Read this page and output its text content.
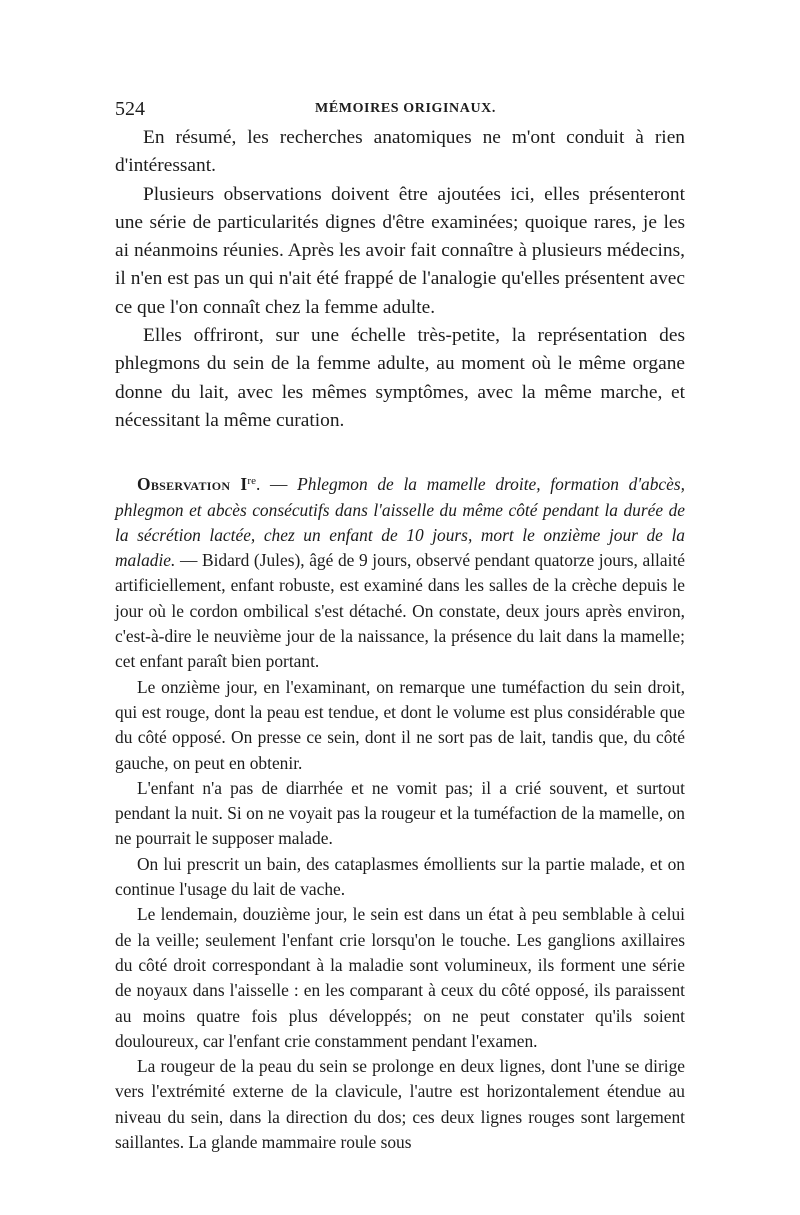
524	MÉMOIRES ORIGINAUX.

En résumé, les recherches anatomiques ne m'ont conduit à rien d'intéressant.

Plusieurs observations doivent être ajoutées ici, elles présenteront une série de particularités dignes d'être examinées; quoique rares, je les ai néanmoins réunies. Après les avoir fait connaître à plusieurs médecins, il n'en est pas un qui n'ait été frappé de l'analogie qu'elles présentent avec ce que l'on connaît chez la femme adulte.

Elles offriront, sur une échelle très-petite, la représentation des phlegmons du sein de la femme adulte, au moment où le même organe donne du lait, avec les mêmes symptômes, avec la même marche, et nécessitant la même curation.

Observation Ire. — Phlegmon de la mamelle droite, formation d'abcès, phlegmon et abcès consécutifs dans l'aisselle du même côté pendant la durée de la sécrétion lactée, chez un enfant de 10 jours, mort le onzième jour de la maladie. — Bidard (Jules), âgé de 9 jours, observé pendant quatorze jours, allaité artificiellement, enfant robuste, est examiné dans les salles de la crèche depuis le jour où le cordon ombilical s'est détaché. On constate, deux jours après environ, c'est-à-dire le neuvième jour de la naissance, la présence du lait dans la mamelle; cet enfant paraît bien portant.

Le onzième jour, en l'examinant, on remarque une tuméfaction du sein droit, qui est rouge, dont la peau est tendue, et dont le volume est plus considérable que du côté opposé. On presse ce sein, dont il ne sort pas de lait, tandis que, du côté gauche, on peut en obtenir.

L'enfant n'a pas de diarrhée et ne vomit pas; il a crié souvent, et surtout pendant la nuit. Si on ne voyait pas la rougeur et la tuméfaction de la mamelle, on ne pourrait le supposer malade.

On lui prescrit un bain, des cataplasmes émollients sur la partie malade, et on continue l'usage du lait de vache.

Le lendemain, douzième jour, le sein est dans un état à peu semblable à celui de la veille; seulement l'enfant crie lorsqu'on le touche. Les ganglions axillaires du côté droit correspondant à la maladie sont volumineux, ils forment une série de noyaux dans l'aisselle : en les comparant à ceux du côté opposé, ils paraissent au moins quatre fois plus développés; on ne peut constater qu'ils soient douloureux, car l'enfant crie constamment pendant l'examen.

La rougeur de la peau du sein se prolonge en deux lignes, dont l'une se dirige vers l'extrémité externe de la clavicule, l'autre est horizontalement étendue au niveau du sein, dans la direction du dos; ces deux lignes rouges sont largement saillantes. La glande mammaire roule sous
